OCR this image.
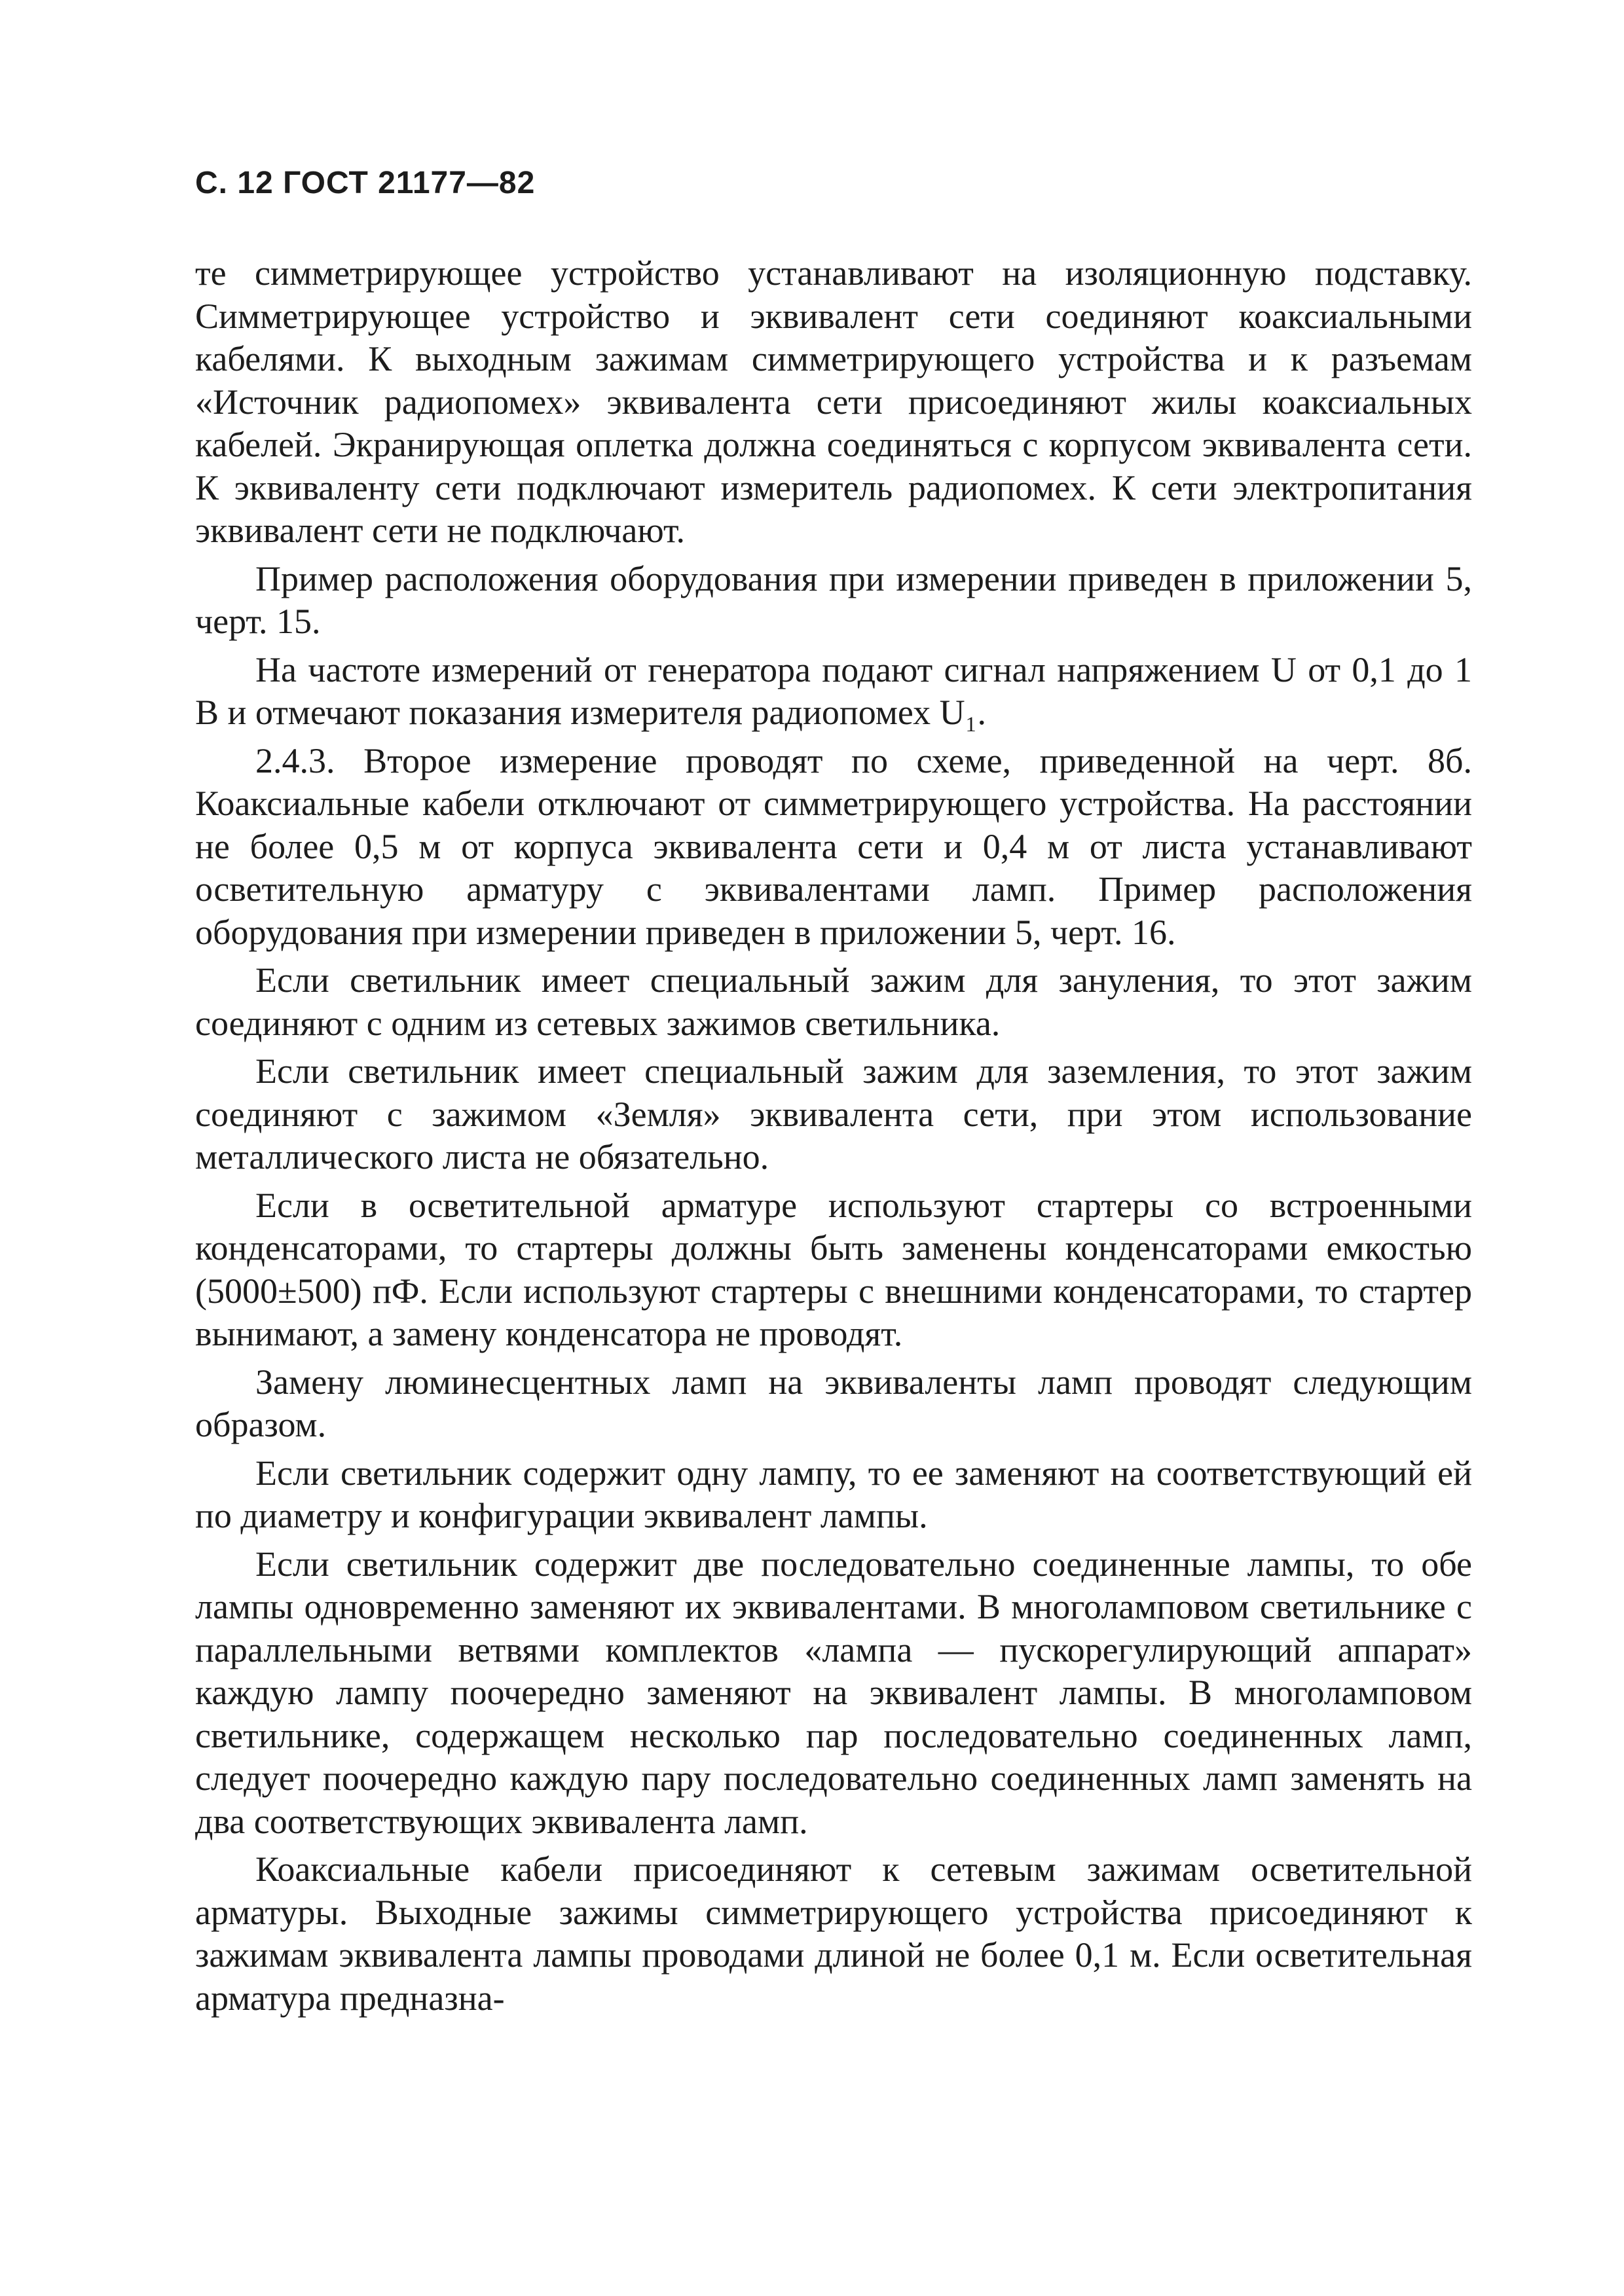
С. 12 ГОСТ 21177—82

те симметрирующее устройство устанавливают на изоляционную подставку. Симметрирующее устройство и эквивалент сети соединяют коаксиальными кабелями. К выходным зажимам симметрирующего устройства и к разъемам «Источник радиопомех» эквивалента сети присоединяют жилы коаксиальных кабелей. Экранирующая оплетка должна соединяться с корпусом эквивалента сети. К эквиваленту сети подключают измеритель радиопомех. К сети электропитания эквивалент сети не подключают.

Пример расположения оборудования при измерении приведен в приложении 5, черт. 15.

На частоте измерений от генератора подают сигнал напряжением U от 0,1 до 1 В и отмечают показания измерителя радиопомех U₁.

2.4.3. Второе измерение проводят по схеме, приведенной на черт. 8б. Коаксиальные кабели отключают от симметрирующего устройства. На расстоянии не более 0,5 м от корпуса эквивалента сети и 0,4 м от листа устанавливают осветительную арматуру с эквивалентами ламп. Пример расположения оборудования при измерении приведен в приложении 5, черт. 16.

Если светильник имеет специальный зажим для зануления, то этот зажим соединяют с одним из сетевых зажимов светильника.

Если светильник имеет специальный зажим для заземления, то этот зажим соединяют с зажимом «Земля» эквивалента сети, при этом использование металлического листа не обязательно.

Если в осветительной арматуре используют стартеры со встроенными конденсаторами, то стартеры должны быть заменены конденсаторами емкостью (5000±500) пФ. Если используют стартеры с внешними конденсаторами, то стартер вынимают, а замену конденсатора не проводят.

Замену люминесцентных ламп на эквиваленты ламп проводят следующим образом.

Если светильник содержит одну лампу, то ее заменяют на соответствующий ей по диаметру и конфигурации эквивалент лампы.

Если светильник содержит две последовательно соединенные лампы, то обе лампы одновременно заменяют их эквивалентами. В многоламповом светильнике с параллельными ветвями комплектов «лампа — пускорегулирующий аппарат» каждую лампу поочередно заменяют на эквивалент лампы. В многоламповом светильнике, содержащем несколько пар последовательно соединенных ламп, следует поочередно каждую пару последовательно соединенных ламп заменять на два соответствующих эквивалента ламп.

Коаксиальные кабели присоединяют к сетевым зажимам осветительной арматуры. Выходные зажимы симметрирующего устройства присоединяют к зажимам эквивалента лампы проводами длиной не более 0,1 м. Если осветительная арматура предназна-
